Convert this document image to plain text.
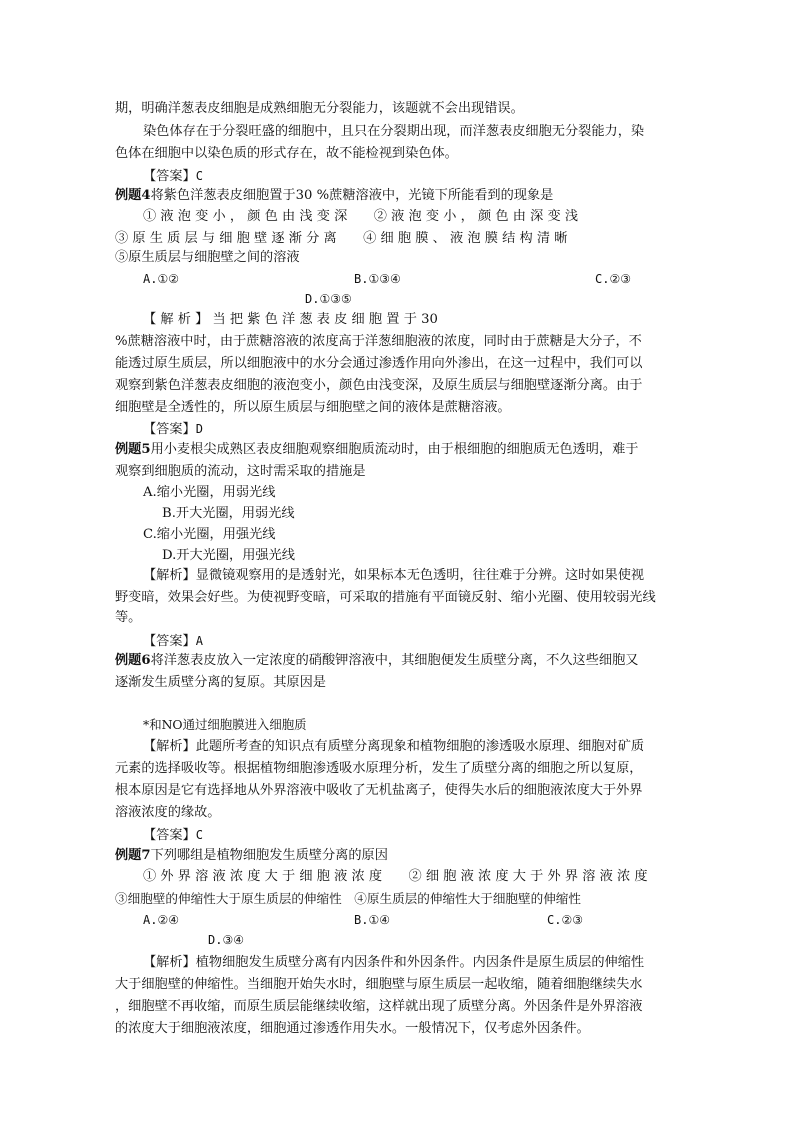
期，明确洋葱表皮细胞是成熟细胞无分裂能力，该题就不会出现错误。
染色体存在于分裂旺盛的细胞中，且只在分裂期出现，而洋葱表皮细胞无分裂能力，染
色体在细胞中以染色质的形式存在，故不能检视到染色体。
【答案】C
例题4将紫色洋葱表皮细胞置于30 %蔗糖溶液中，光镜下所能看到的现象是
① 液 泡 变 小 ， 颜 色 由 浅 变 深　　② 液 泡 变 小 ， 颜 色 由 深 变 浅
③ 原 生 质 层 与 细 胞 壁 逐 渐 分 离　　④ 细 胞 膜 、 液 泡 膜 结 构 清 晰
⑤原生质层与细胞壁之间的溶液
A.①②	B.①③④	C.②③
D.①③⑤
【 解 析 】 当 把 紫 色 洋 葱 表 皮 细 胞 置 于 30
%蔗糖溶液中时，由于蔗糖溶液的浓度高于洋葱细胞液的浓度，同时由于蔗糖是大分子，不
能透过原生质层，所以细胞液中的水分会通过渗透作用向外渗出，在这一过程中，我们可以
观察到紫色洋葱表皮细胞的液泡变小，颜色由浅变深，及原生质层与细胞壁逐渐分离。由于
细胞壁是全透性的，所以原生质层与细胞壁之间的液体是蔗糖溶液。
【答案】D
例题5用小麦根尖成熟区表皮细胞观察细胞质流动时，由于根细胞的细胞质无色透明，难于
观察到细胞质的流动，这时需采取的措施是
A.缩小光圈，用弱光线
B.开大光圈，用弱光线
C.缩小光圈，用强光线
D.开大光圈，用强光线
【解析】显微镜观察用的是透射光，如果标本无色透明，往往难于分辨。这时如果使视
野变暗，效果会好些。为使视野变暗，可采取的措施有平面镜反射、缩小光圈、使用较弱光线
等。
【答案】A
例题6将洋葱表皮放入一定浓度的硝酸钾溶液中，其细胞便发生质壁分离，不久这些细胞又
逐渐发生质壁分离的复原。其原因是
*和NO通过细胞膜进入细胞质
【解析】此题所考查的知识点有质壁分离现象和植物细胞的渗透吸水原理、细胞对矿质
元素的选择吸收等。根据植物细胞渗透吸水原理分析，发生了质壁分离的细胞之所以复原，
根本原因是它有选择地从外界溶液中吸收了无机盐离子，使得失水后的细胞液浓度大于外界
溶液浓度的缘故。
【答案】C
例题7下列哪组是植物细胞发生质壁分离的原因
① 外 界 溶 液 浓 度 大 于 细 胞 液 浓 度　　② 细 胞 液 浓 度 大 于 外 界 溶 液 浓 度
③细胞壁的伸缩性大于原生质层的伸缩性　④原生质层的伸缩性大于细胞壁的伸缩性
A.②④	B.①④	C.②③
D.③④
【解析】植物细胞发生质壁分离有内因条件和外因条件。内因条件是原生质层的伸缩性
大于细胞壁的伸缩性。当细胞开始失水时，细胞壁与原生质层一起收缩，随着细胞继续失水
，细胞壁不再收缩，而原生质层能继续收缩，这样就出现了质壁分离。外因条件是外界溶液
的浓度大于细胞液浓度，细胞通过渗透作用失水。一般情况下，仅考虑外因条件。
